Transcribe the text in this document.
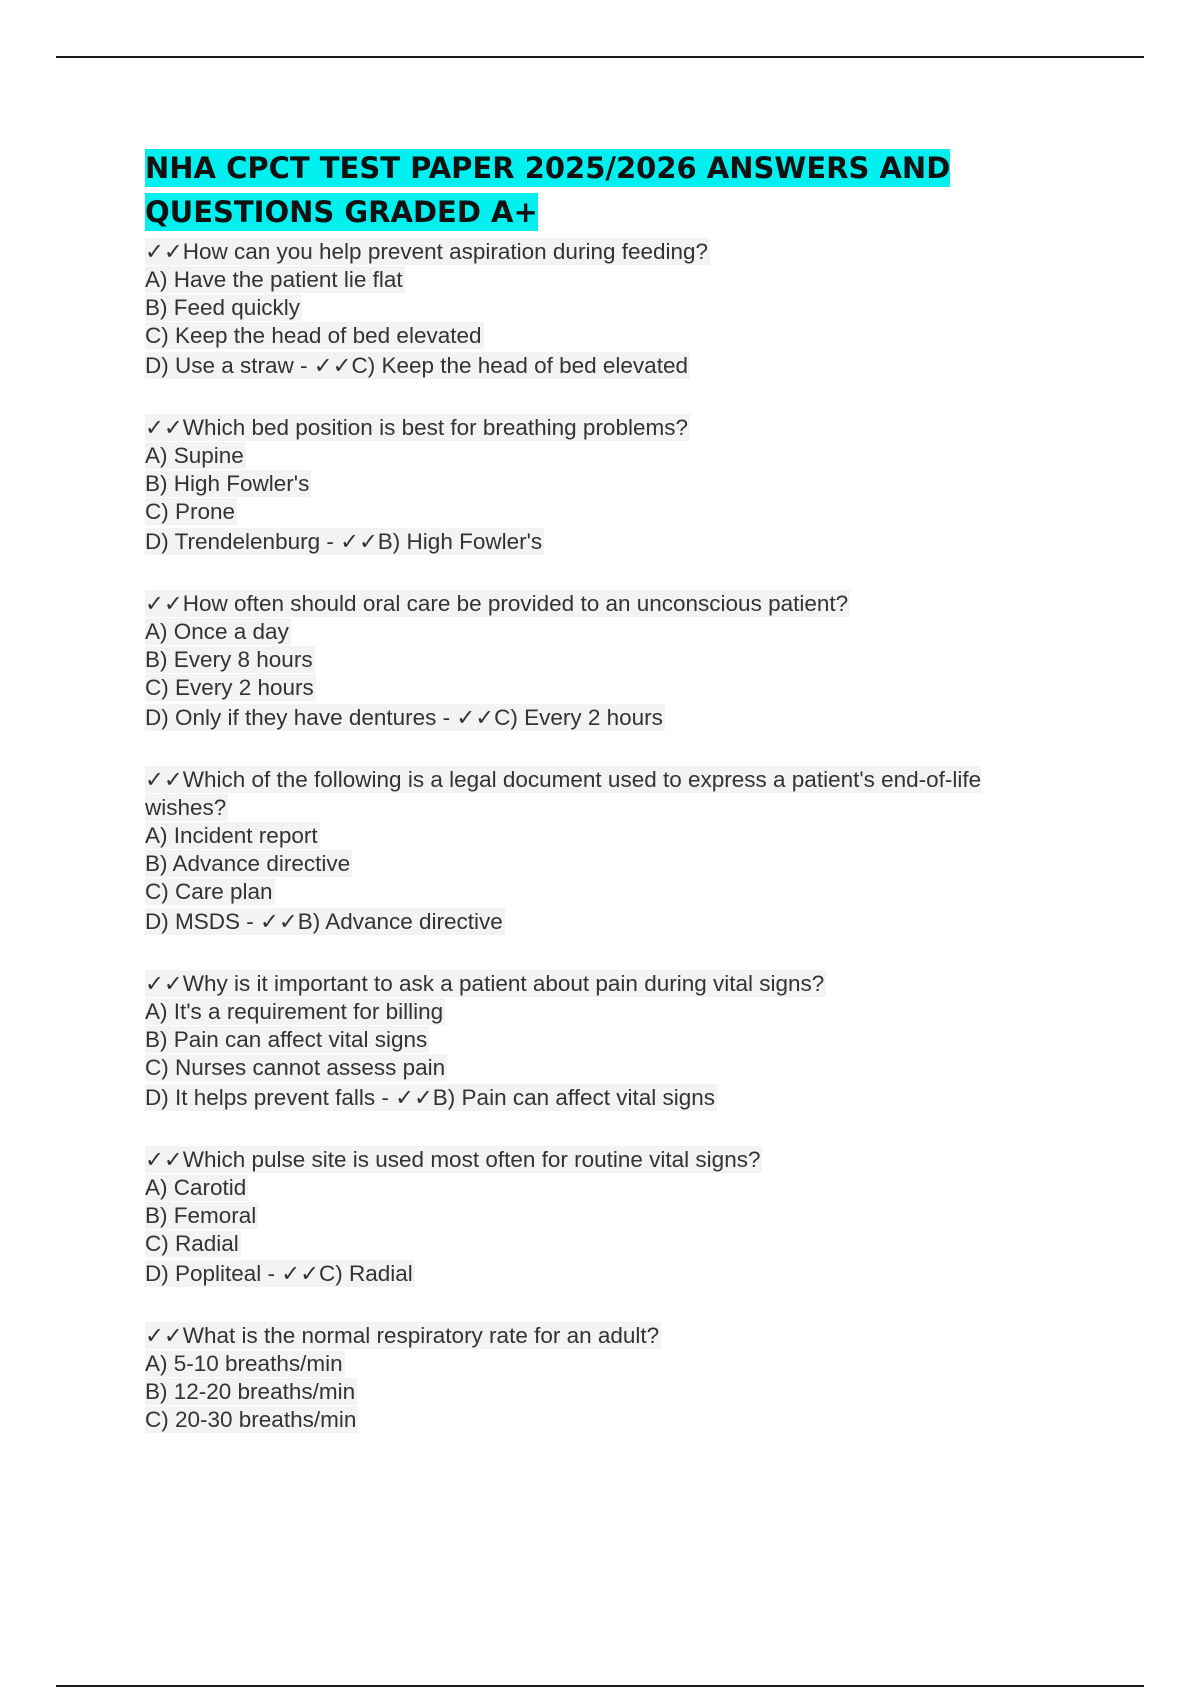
NHA CPCT TEST PAPER 2025/2026 ANSWERS AND QUESTIONS GRADED A+
✓✓How can you help prevent aspiration during feeding?
A) Have the patient lie flat
B) Feed quickly
C) Keep the head of bed elevated
D) Use a straw - ✓✓C) Keep the head of bed elevated
✓✓Which bed position is best for breathing problems?
A) Supine
B) High Fowler's
C) Prone
D) Trendelenburg - ✓✓B) High Fowler's
✓✓How often should oral care be provided to an unconscious patient?
A) Once a day
B) Every 8 hours
C) Every 2 hours
D) Only if they have dentures - ✓✓C) Every 2 hours
✓✓Which of the following is a legal document used to express a patient's end-of-life wishes?
A) Incident report
B) Advance directive
C) Care plan
D) MSDS - ✓✓B) Advance directive
✓✓Why is it important to ask a patient about pain during vital signs?
A) It's a requirement for billing
B) Pain can affect vital signs
C) Nurses cannot assess pain
D) It helps prevent falls - ✓✓B) Pain can affect vital signs
✓✓Which pulse site is used most often for routine vital signs?
A) Carotid
B) Femoral
C) Radial
D) Popliteal - ✓✓C) Radial
✓✓What is the normal respiratory rate for an adult?
A) 5-10 breaths/min
B) 12-20 breaths/min
C) 20-30 breaths/min
